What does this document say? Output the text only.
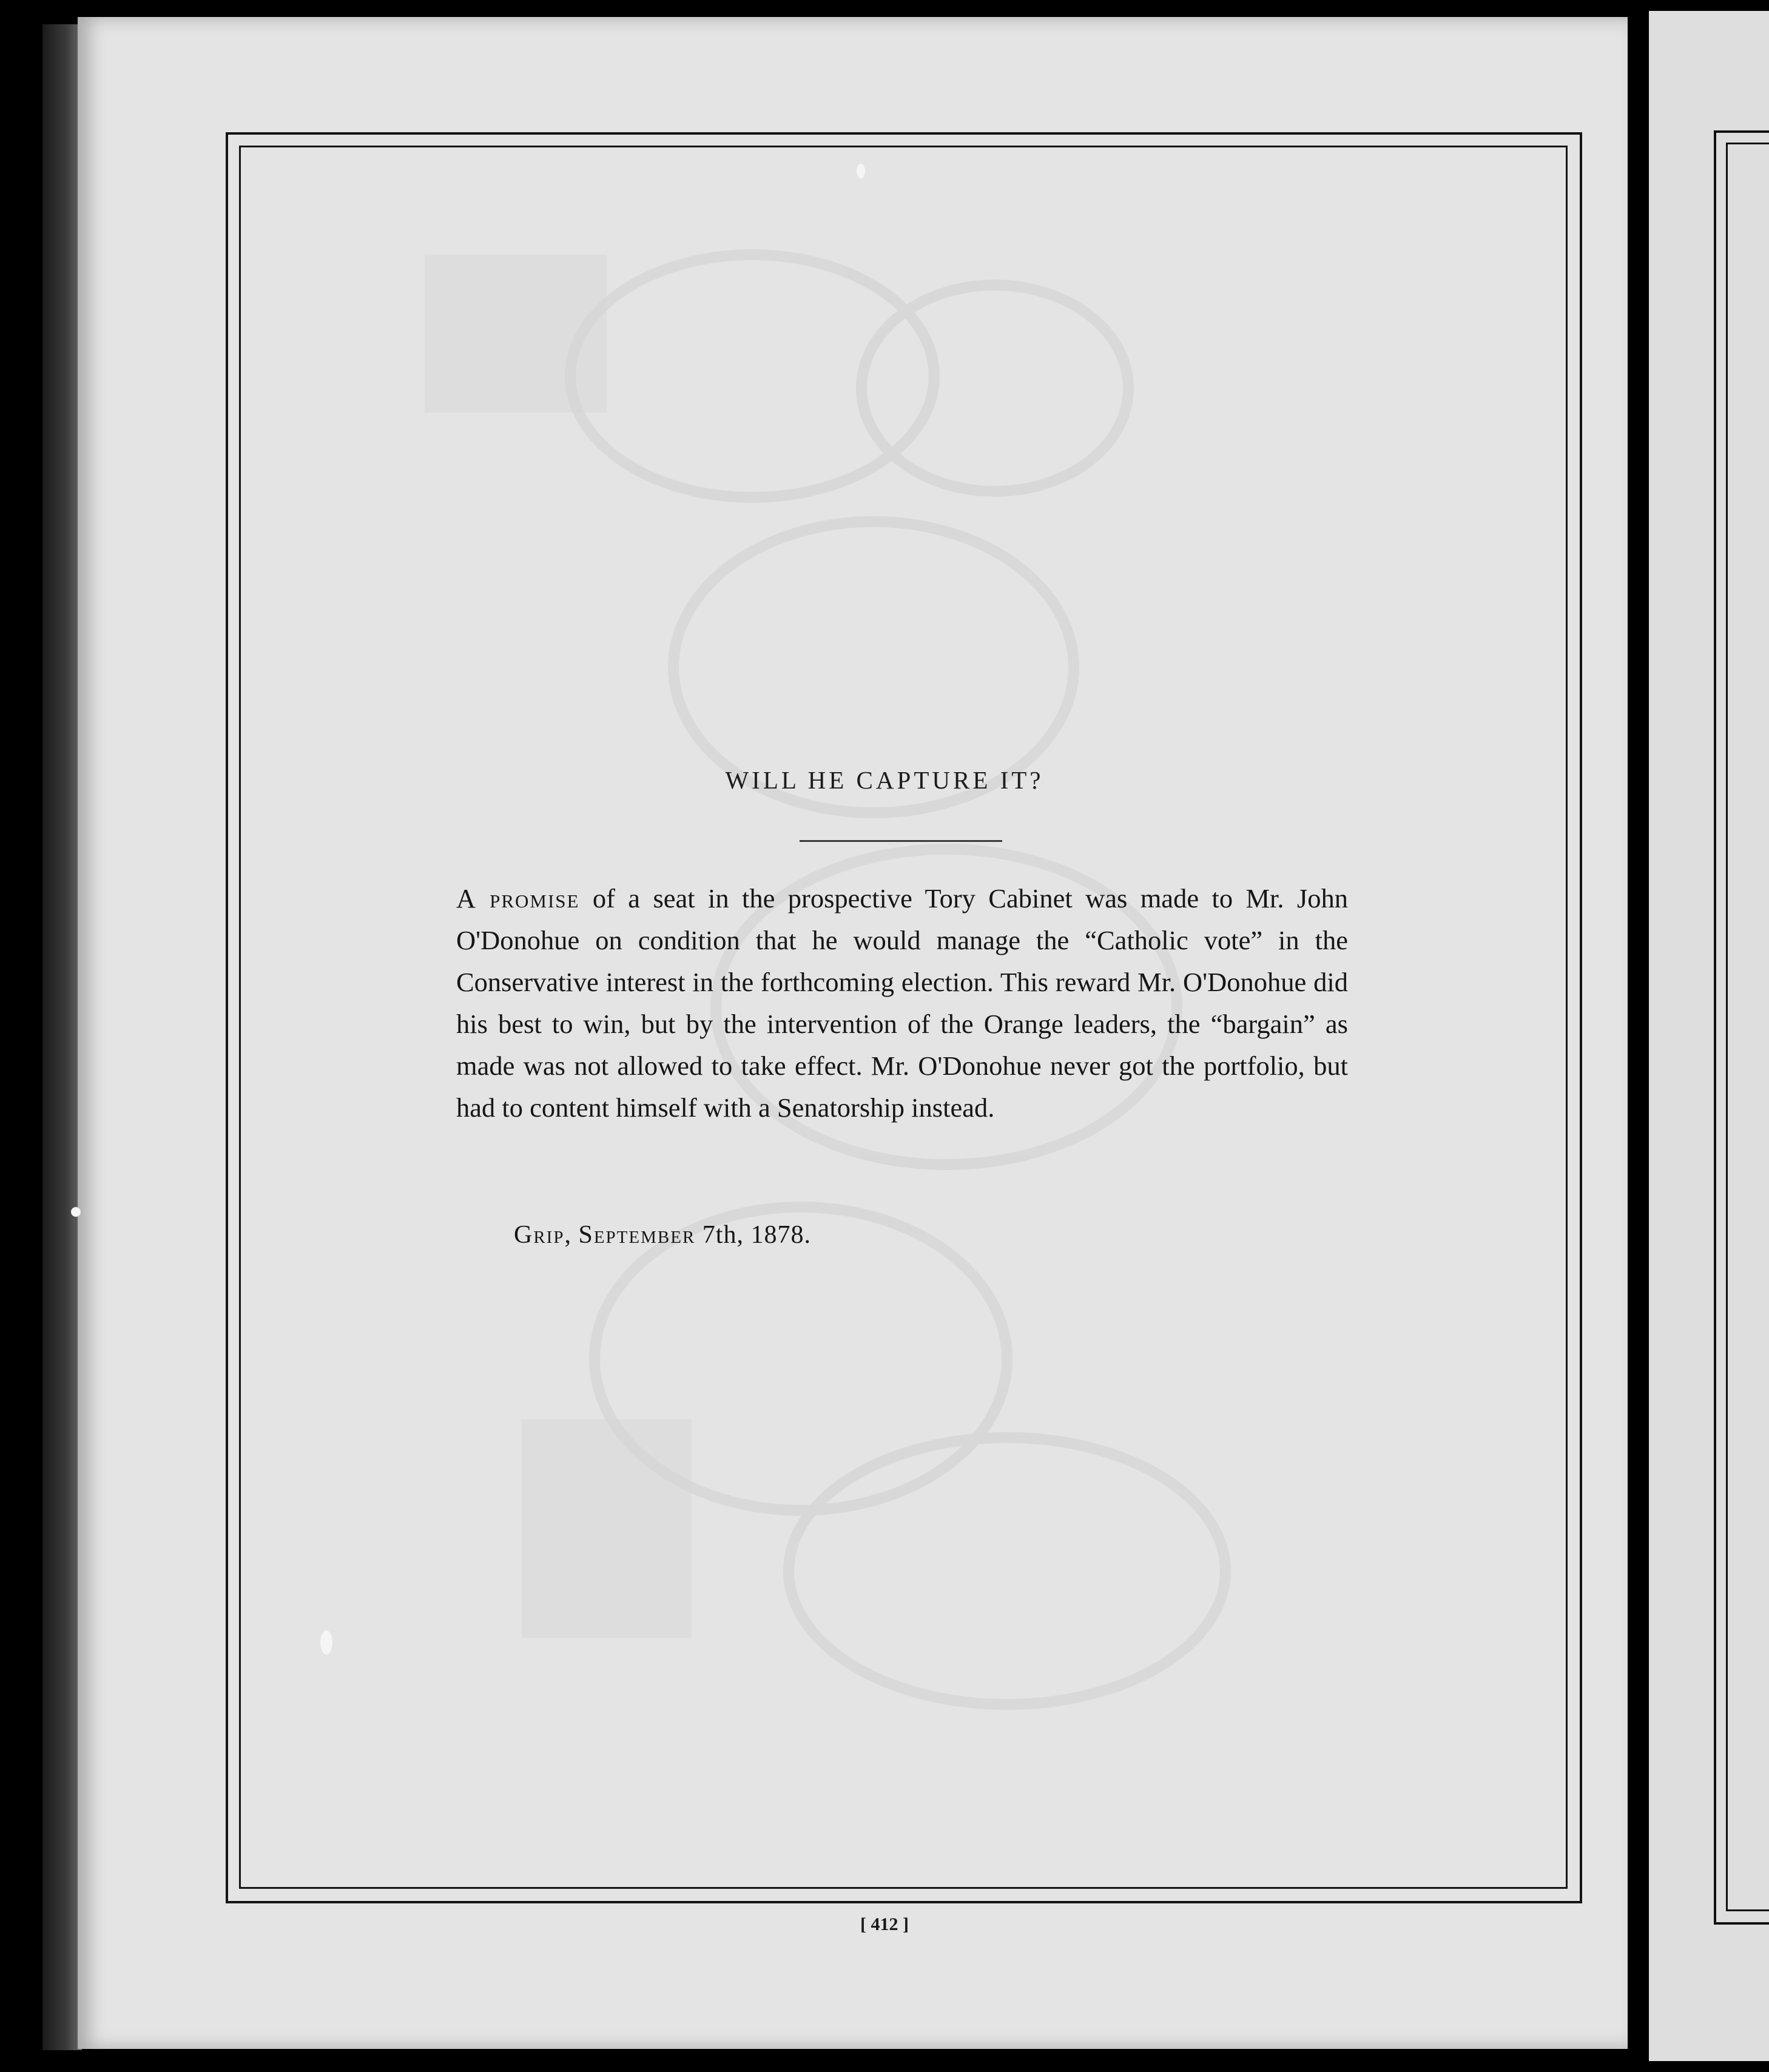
WILL HE CAPTURE IT?
A promise of a seat in the prospective Tory Cabinet was made to Mr. John O'Donohue on condition that he would manage the “Catholic vote” in the Conservative interest in the forthcoming election. This reward Mr. O'Donohue did his best to win, but by the intervention of the Orange leaders, the “bargain” as made was not allowed to take effect. Mr. O'Donohue never got the portfolio, but had to content himself with a Senatorship instead.
Grip, September 7th, 1878.
[ 412 ]
